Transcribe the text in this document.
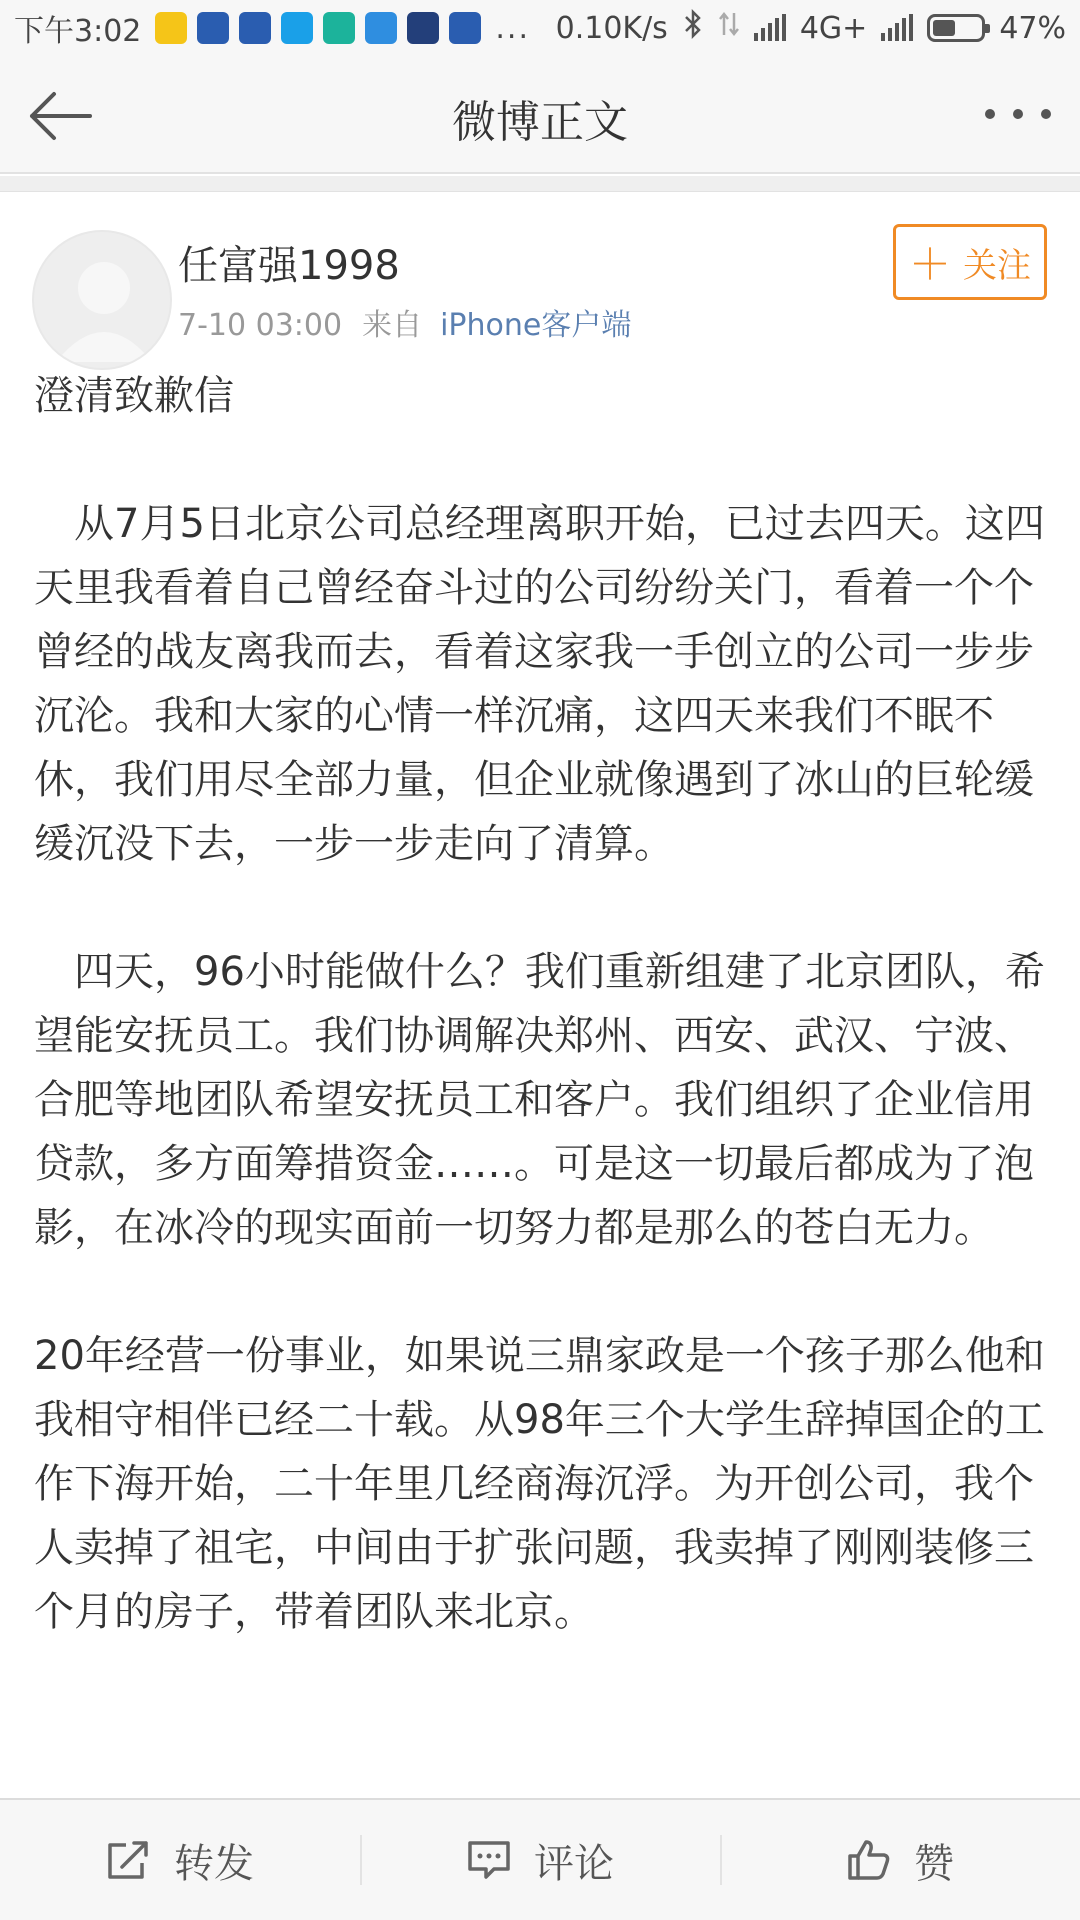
下午3:02	... 0.10K/s	4G+	47%
微博正文
任富强1998
7-10 03:00 来自 iPhone客户端
＋ 关注

澄清致歉信

　从7月5日北京公司总经理离职开始，已过去四天。这四天里我看着自己曾经奋斗过的公司纷纷关门，看着一个个曾经的战友离我而去，看着这家我一手创立的公司一步步沉沦。我和大家的心情一样沉痛，这四天来我们不眠不休，我们用尽全部力量，但企业就像遇到了冰山的巨轮缓缓沉没下去，一步一步走向了清算。

　四天，96小时能做什么？我们重新组建了北京团队，希望能安抚员工。我们协调解决郑州、西安、武汉、宁波、合肥等地团队希望安抚员工和客户。我们组织了企业信用贷款，多方面筹措资金……。可是这一切最后都成为了泡影，在冰冷的现实面前一切努力都是那么的苍白无力。

20年经营一份事业，如果说三鼎家政是一个孩子那么他和我相守相伴已经二十载。从98年三个大学生辞掉国企的工作下海开始，二十年里几经商海沉浮。为开创公司，我个人卖掉了祖宅，中间由于扩张问题，我卖掉了刚刚装修三个月的房子，带着团队来北京。

转发	评论	赞
